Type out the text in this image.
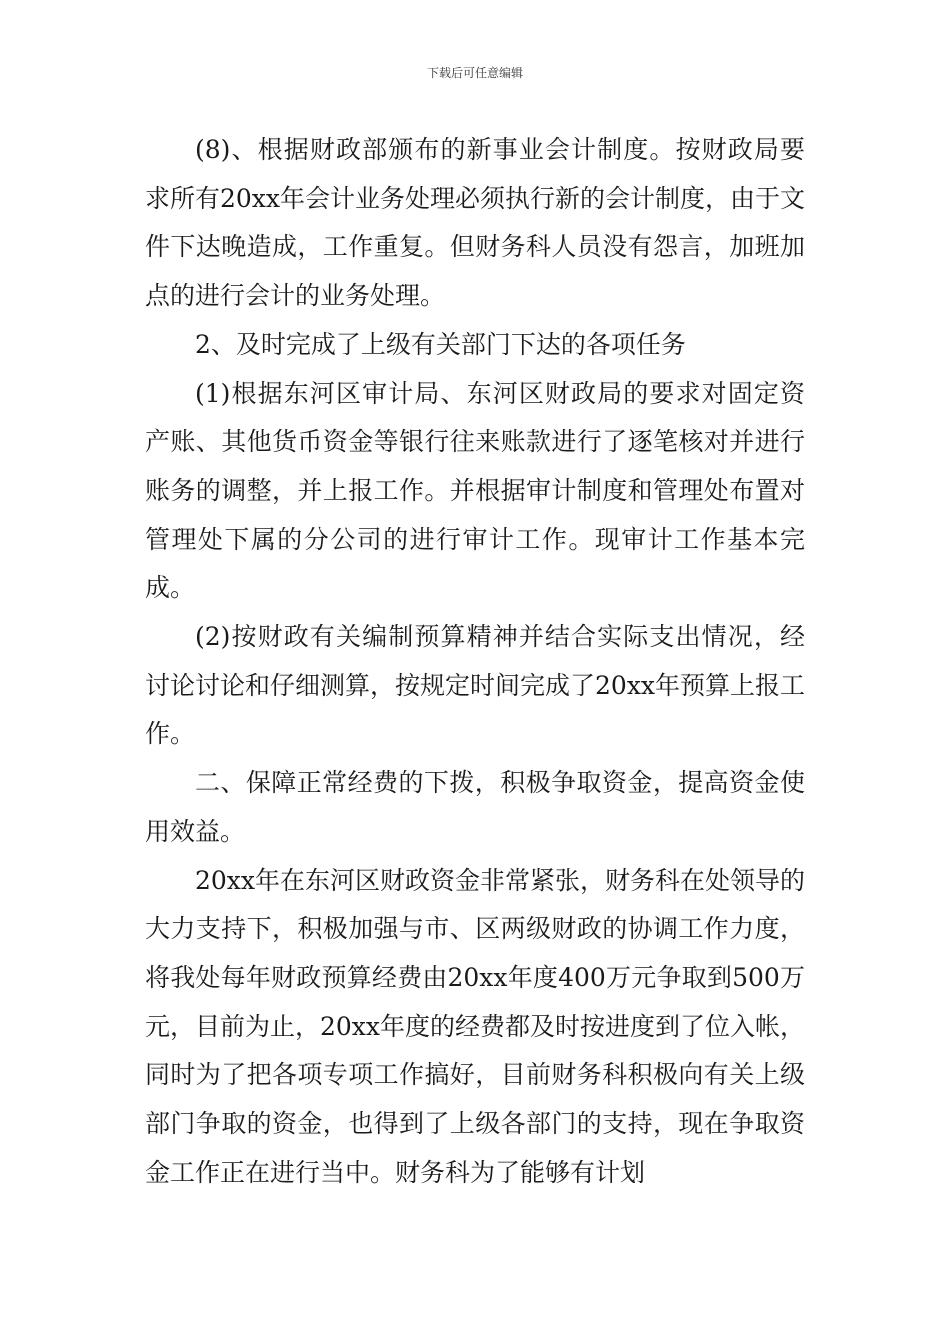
下载后可任意编辑

(8)、根据财政部颁布的新事业会计制度。按财政局要求所有20xx年会计业务处理必须执行新的会计制度，由于文件下达晚造成，工作重复。但财务科人员没有怨言，加班加点的进行会计的业务处理。

2、及时完成了上级有关部门下达的各项任务

(1)根据东河区审计局、东河区财政局的要求对固定资产账、其他货币资金等银行往来账款进行了逐笔核对并进行账务的调整，并上报工作。并根据审计制度和管理处布置对管理处下属的分公司的进行审计工作。现审计工作基本完成。

(2)按财政有关编制预算精神并结合实际支出情况，经讨论讨论和仔细测算，按规定时间完成了20xx年预算上报工作。

二、保障正常经费的下拨，积极争取资金，提高资金使用效益。

20xx年在东河区财政资金非常紧张，财务科在处领导的大力支持下，积极加强与市、区两级财政的协调工作力度，将我处每年财政预算经费由20xx年度400万元争取到500万元，目前为止，20xx年度的经费都及时按进度到了位入帐，同时为了把各项专项工作搞好，目前财务科积极向有关上级部门争取的资金，也得到了上级各部门的支持，现在争取资金工作正在进行当中。财务科为了能够有计划
